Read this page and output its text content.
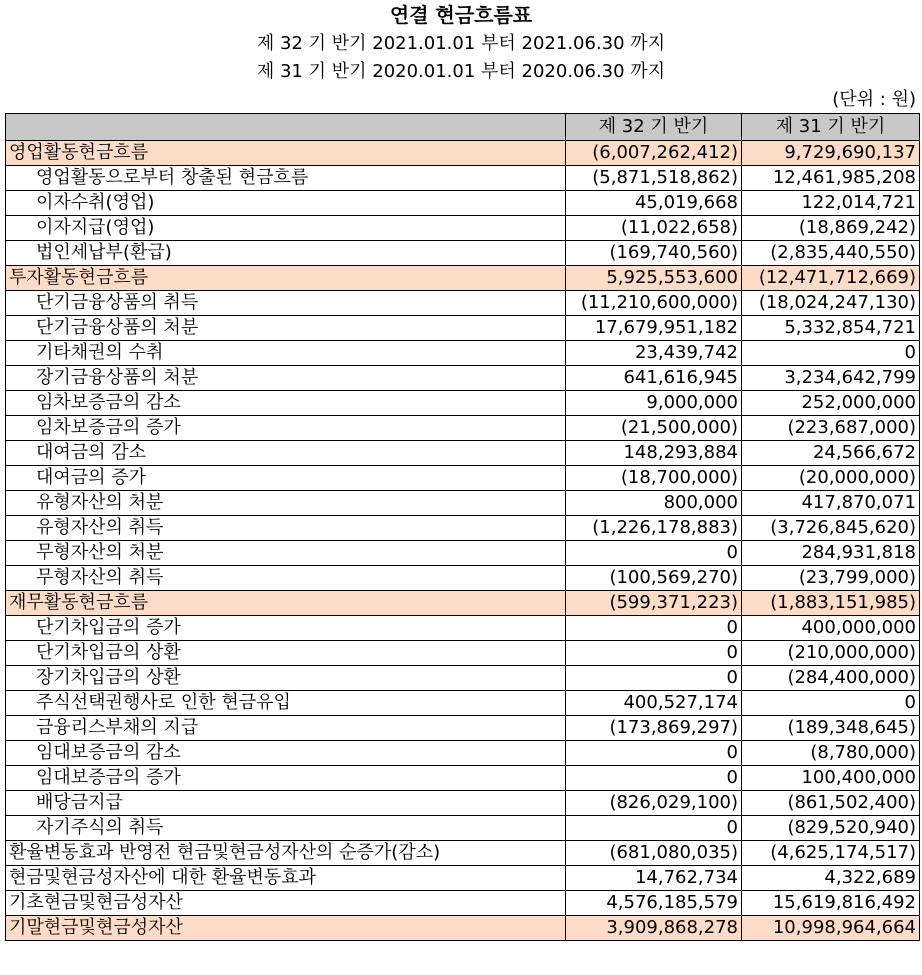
연결 현금흐름표
제 32 기 반기 2021.01.01 부터 2021.06.30 까지
제 31 기 반기 2020.01.01 부터 2020.06.30 까지
(단위 : 원)
	제 32 기 반기	제 31 기 반기
영업활동현금흐름	(6,007,262,412)	9,729,690,137
영업활동으로부터 창출된 현금흐름	(5,871,518,862)	12,461,985,208
이자수취(영업)	45,019,668	122,014,721
이자지급(영업)	(11,022,658)	(18,869,242)
법인세납부(환급)	(169,740,560)	(2,835,440,550)
투자활동현금흐름	5,925,553,600	(12,471,712,669)
단기금융상품의 취득	(11,210,600,000)	(18,024,247,130)
단기금융상품의 처분	17,679,951,182	5,332,854,721
기타채권의 수취	23,439,742	0
장기금융상품의 처분	641,616,945	3,234,642,799
임차보증금의 감소	9,000,000	252,000,000
임차보증금의 증가	(21,500,000)	(223,687,000)
대여금의 감소	148,293,884	24,566,672
대여금의 증가	(18,700,000)	(20,000,000)
유형자산의 처분	800,000	417,870,071
유형자산의 취득	(1,226,178,883)	(3,726,845,620)
무형자산의 처분	0	284,931,818
무형자산의 취득	(100,569,270)	(23,799,000)
재무활동현금흐름	(599,371,223)	(1,883,151,985)
단기차입금의 증가	0	400,000,000
단기차입금의 상환	0	(210,000,000)
장기차입금의 상환	0	(284,400,000)
주식선택권행사로 인한 현금유입	400,527,174	0
금융리스부채의 지급	(173,869,297)	(189,348,645)
임대보증금의 감소	0	(8,780,000)
임대보증금의 증가	0	100,400,000
배당금지급	(826,029,100)	(861,502,400)
자기주식의 취득	0	(829,520,940)
환율변동효과 반영전 현금및현금성자산의 순증가(감소)	(681,080,035)	(4,625,174,517)
현금및현금성자산에 대한 환율변동효과	14,762,734	4,322,689
기초현금및현금성자산	4,576,185,579	15,619,816,492
기말현금및현금성자산	3,909,868,278	10,998,964,664
